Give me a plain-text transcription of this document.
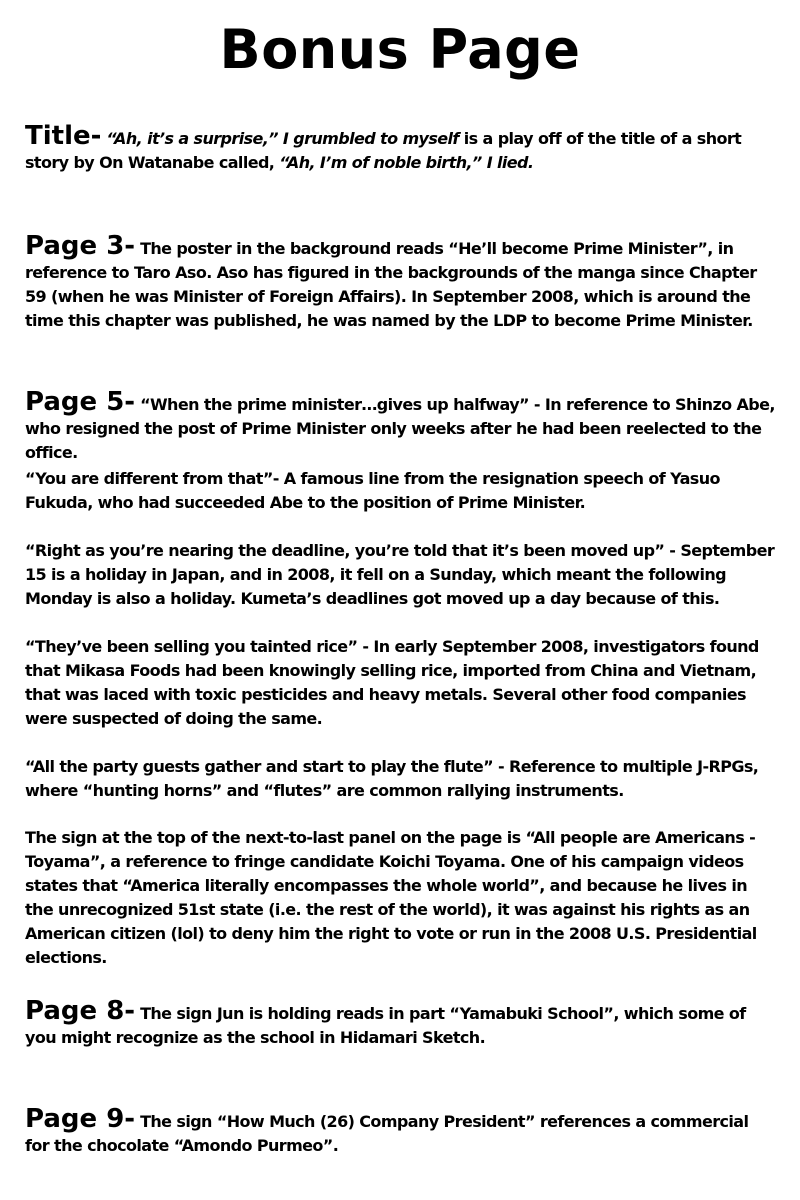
Bonus Page

Title- “Ah, it’s a surprise,” I grumbled to myself is a play off of the title of a short story by On Watanabe called, “Ah, I’m of noble birth,” I lied.

Page 3- The poster in the background reads “He’ll become Prime Minister”, in reference to Taro Aso. Aso has figured in the backgrounds of the manga since Chapter 59 (when he was Minister of Foreign Affairs). In September 2008, which is around the time this chapter was published, he was named by the LDP to become Prime Minister.

Page 5- “When the prime minister…gives up halfway” - In reference to Shinzo Abe, who resigned the post of Prime Minister only weeks after he had been reelected to the office.

“You are different from that”- A famous line from the resignation speech of Yasuo Fukuda, who had succeeded Abe to the position of Prime Minister.

“Right as you’re nearing the deadline, you’re told that it’s been moved up” - September 15 is a holiday in Japan, and in 2008, it fell on a Sunday, which meant the following Monday is also a holiday. Kumeta’s deadlines got moved up a day because of this.

“They’ve been selling you tainted rice” - In early September 2008, investigators found that Mikasa Foods had been knowingly selling rice, imported from China and Vietnam, that was laced with toxic pesticides and heavy metals. Several other food companies were suspected of doing the same.

“All the party guests gather and start to play the flute” - Reference to multiple J-RPGs, where “hunting horns” and “flutes” are common rallying instruments.

The sign at the top of the next-to-last panel on the page is “All people are Americans -Toyama”, a reference to fringe candidate Koichi Toyama. One of his campaign videos states that “America literally encompasses the whole world”, and because he lives in the unrecognized 51st state (i.e. the rest of the world), it was against his rights as an American citizen (lol) to deny him the right to vote or run in the 2008 U.S. Presidential elections.

Page 8- The sign Jun is holding reads in part “Yamabuki School”, which some of you might recognize as the school in Hidamari Sketch.

Page 9- The sign “How Much (26) Company President” references a commercial for the chocolate “Amondo Purmeo”.
